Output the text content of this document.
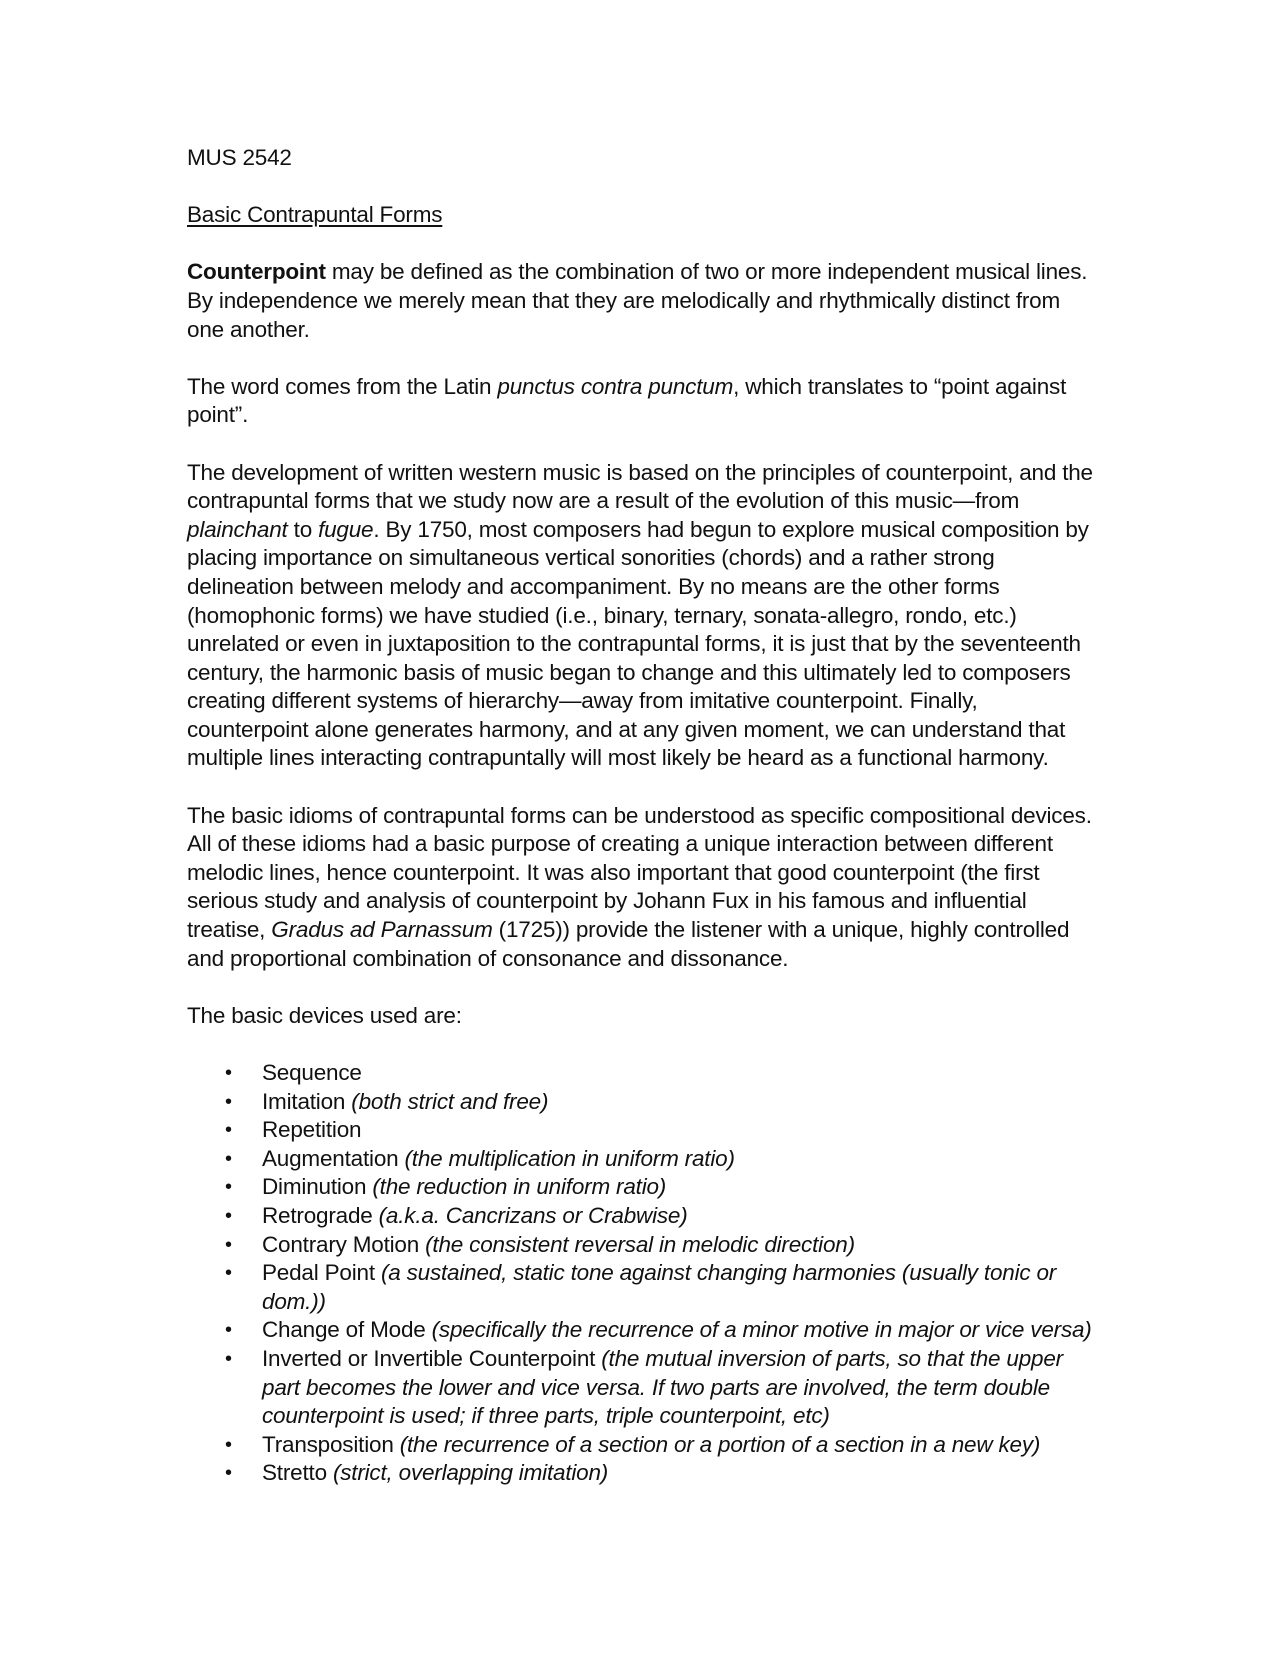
MUS 2542

Basic Contrapuntal Forms

Counterpoint may be defined as the combination of two or more independent musical lines. By independence we merely mean that they are melodically and rhythmically distinct from one another.

The word comes from the Latin punctus contra punctum, which translates to “point against point”.

The development of written western music is based on the principles of counterpoint, and the contrapuntal forms that we study now are a result of the evolution of this music—from plainchant to fugue. By 1750, most composers had begun to explore musical composition by placing importance on simultaneous vertical sonorities (chords) and a rather strong delineation between melody and accompaniment. By no means are the other forms (homophonic forms) we have studied (i.e., binary, ternary, sonata-allegro, rondo, etc.) unrelated or even in juxtaposition to the contrapuntal forms, it is just that by the seventeenth century, the harmonic basis of music began to change and this ultimately led to composers creating different systems of hierarchy—away from imitative counterpoint. Finally, counterpoint alone generates harmony, and at any given moment, we can understand that multiple lines interacting contrapuntally will most likely be heard as a functional harmony.

The basic idioms of contrapuntal forms can be understood as specific compositional devices. All of these idioms had a basic purpose of creating a unique interaction between different melodic lines, hence counterpoint. It was also important that good counterpoint (the first serious study and analysis of counterpoint by Johann Fux in his famous and influential treatise, Gradus ad Parnassum (1725)) provide the listener with a unique, highly controlled and proportional combination of consonance and dissonance.

The basic devices used are:

• Sequence
• Imitation (both strict and free)
• Repetition
• Augmentation (the multiplication in uniform ratio)
• Diminution (the reduction in uniform ratio)
• Retrograde (a.k.a. Cancrizans or Crabwise)
• Contrary Motion (the consistent reversal in melodic direction)
• Pedal Point (a sustained, static tone against changing harmonies (usually tonic or dom.))
• Change of Mode (specifically the recurrence of a minor motive in major or vice versa)
• Inverted or Invertible Counterpoint (the mutual inversion of parts, so that the upper part becomes the lower and vice versa. If two parts are involved, the term double counterpoint is used; if three parts, triple counterpoint, etc)
• Transposition (the recurrence of a section or a portion of a section in a new key)
• Stretto (strict, overlapping imitation)
